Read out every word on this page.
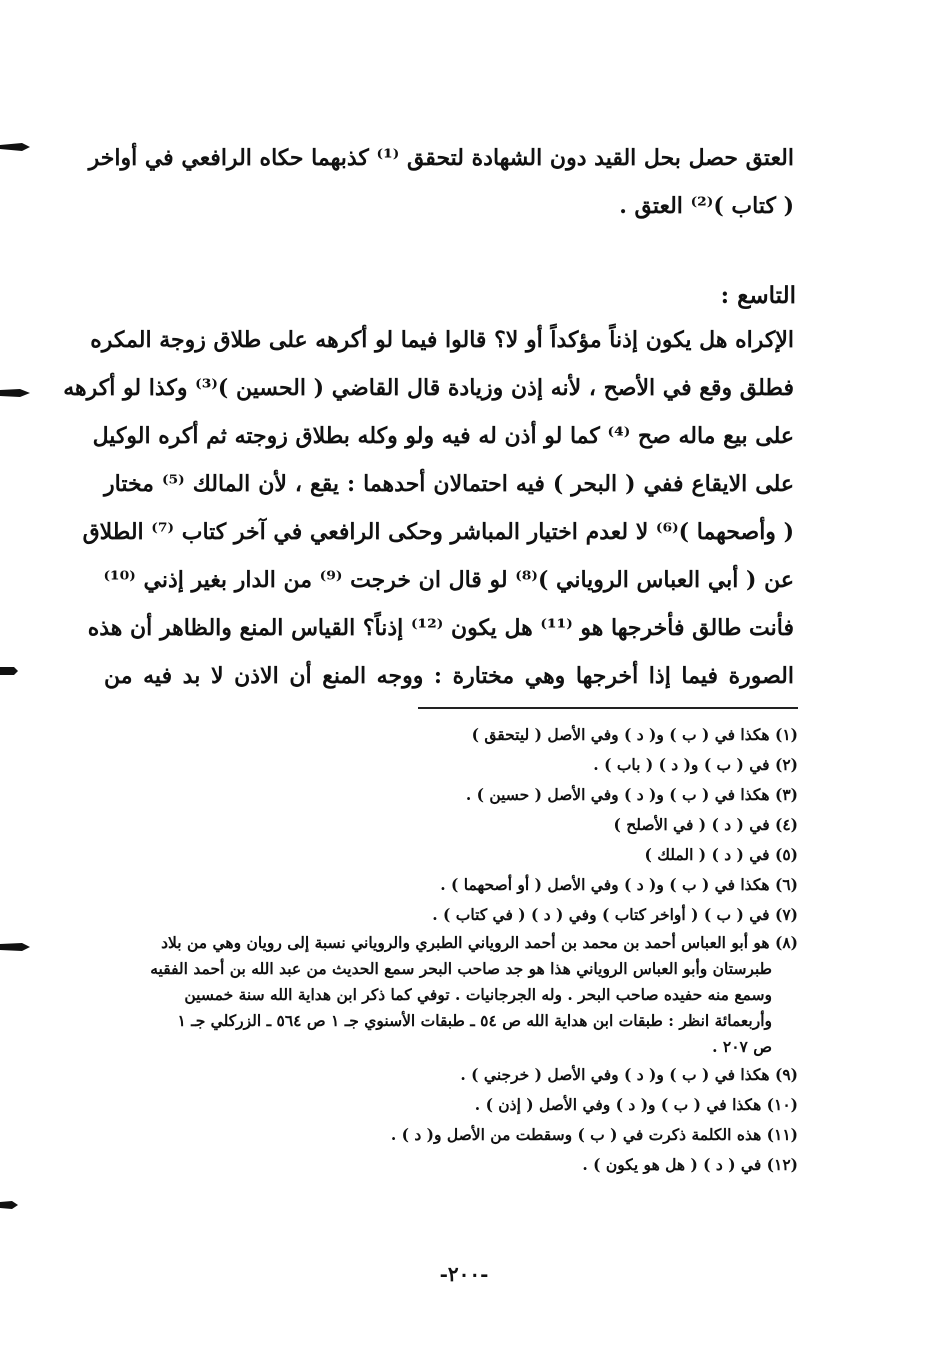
العتق حصل بحل القيد دون الشهادة لتحقق ⁽¹⁾ كذبهما حكاه الرافعي في أواخر
( كتاب )⁽²⁾ العتق .
التاسع :
الإكراه هل يكون إذناً مؤكداً أو لا؟ قالوا فيما لو أكرهه على طلاق زوجة المكره
فطلق وقع في الأصح ، لأنه إذن وزيادة قال القاضي ( الحسين )⁽³⁾ وكذا لو أكرهه
على بيع ماله صح ⁽⁴⁾ كما لو أذن له فيه ولو وكله بطلاق زوجته ثم أكره الوكيل
على الايقاع ففي ( البحر ) فيه احتمالان أحدهما : يقع ، لأن المالك ⁽⁵⁾ مختار
( وأصحهما )⁽⁶⁾ لا لعدم اختيار المباشر وحكى الرافعي في آخر كتاب ⁽⁷⁾ الطلاق
عن ( أبي العباس الروياني )⁽⁸⁾ لو قال ان خرجت ⁽⁹⁾ من الدار بغير إذني ⁽¹⁰⁾
فأنت طالق فأخرجها هو ⁽¹¹⁾ هل يكون ⁽¹²⁾ إذناً؟ القياس المنع والظاهر أن هذه
الصورة فيما إذا أخرجها وهي مختارة : ووجه المنع أن الاذن لا بد فيه من
(١) هكذا في ( ب ) و( د ) وفي الأصل ( ليتحقق )
(٢) في ( ب ) و( د ) ( باب ) .
(٣) هكذا في ( ب ) و( د ) وفي الأصل ( حسين ) .
(٤) في ( د ) ( في الأصلح )
(٥) في ( د ) ( الملك )
(٦) هكذا في ( ب ) و( د ) وفي الأصل ( أو أصحهما ) .
(٧) في ( ب ) ( أواخر كتاب ) وفي ( د ) ( في كتاب ) .
(٨) هو أبو العباس أحمد بن محمد بن أحمد الروياني الطبري والروياني نسبة إلى رويان وهي من بلاد
طبرستان وأبو العباس الروياني هذا هو جد صاحب البحر سمع الحديث من عبد الله بن أحمد الفقيه
وسمع منه حفيده صاحب البحر . وله الجرجانيات . توفي كما ذكر ابن هداية الله سنة خمسين
وأربعمائة انظر : طبقات ابن هداية الله ص ٥٤ ـ طبقات الأسنوي جـ ١ ص ٥٦٤ ـ الزركلي جـ ١
ص ٢٠٧ .
(٩) هكذا في ( ب ) و( د ) وفي الأصل ( خرجني ) .
(١٠) هكذا في ( ب ) و( د ) وفي الأصل ( إذن ) .
(١١) هذه الكلمة ذكرت في ( ب ) وسقطت من الأصل و( د ) .
(١٢) في ( د ) ( هل هو يكون ) .
-٢٠٠-
